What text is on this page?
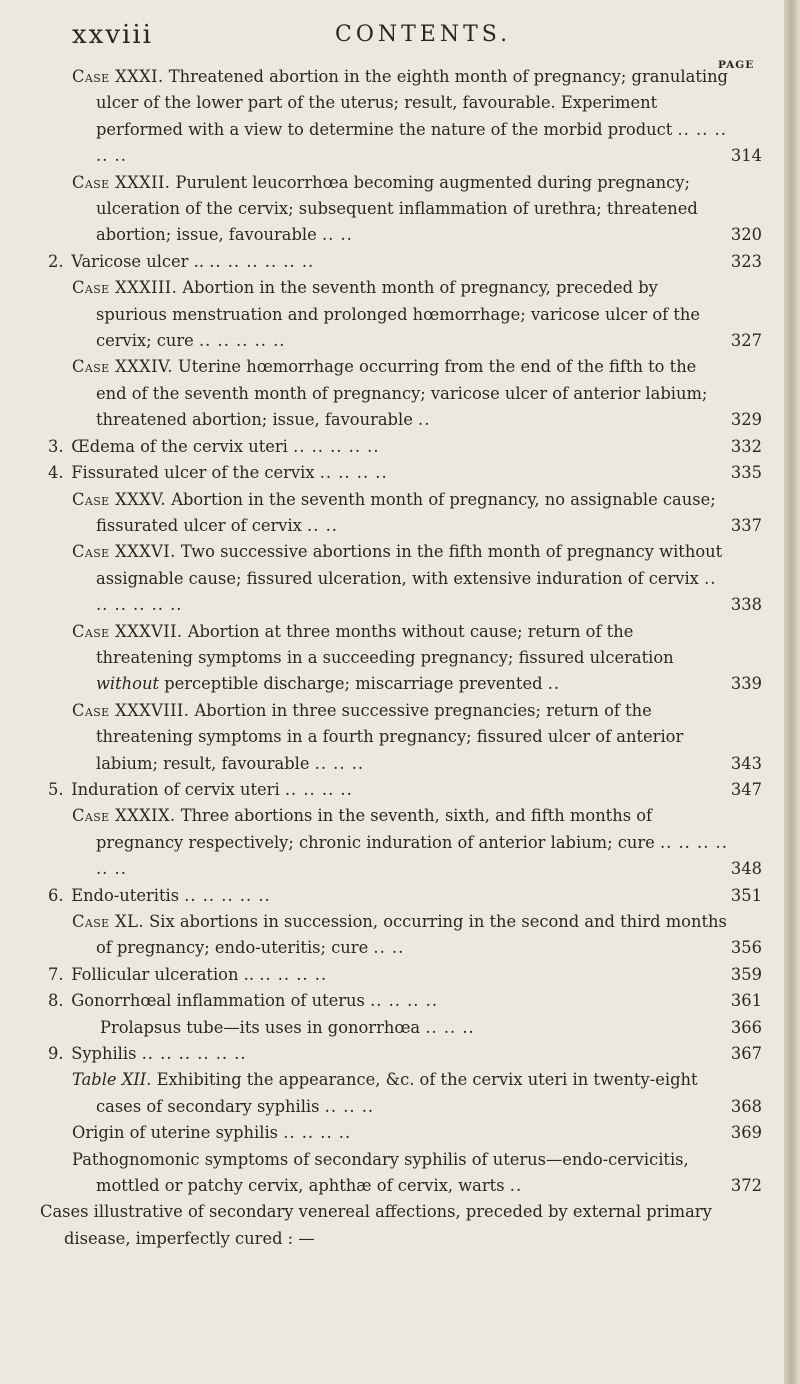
xxviii	CONTENTS.
PAGE
Case XXXI. Threatened abortion in the eighth month of pregnancy; granulating ulcer of the lower part of the uterus; result, favourable. Experiment performed with a view to determine the nature of the morbid product .. .. .. .. ..	314
Case XXXII. Purulent leucorrhœa becoming augmented during pregnancy; ulceration of the cervix; subsequent inflammation of urethra; threatened abortion; issue, favourable .. ..	320
2. Varicose ulcer .. .. .. .. .. .. ..	323
Case XXXIII. Abortion in the seventh month of pregnancy, preceded by spurious menstruation and prolonged hœmorrhage; varicose ulcer of the cervix; cure .. .. .. .. ..	327
Case XXXIV. Uterine hœmorrhage occurring from the end of the fifth to the end of the seventh month of pregnancy; varicose ulcer of anterior labium; threatened abortion; issue, favourable ..	329
3. Œdema of the cervix uteri .. .. .. .. ..	332
4. Fissurated ulcer of the cervix .. .. .. ..	335
Case XXXV. Abortion in the seventh month of pregnancy, no assignable cause; fissurated ulcer of cervix .. ..	337
Case XXXVI. Two successive abortions in the fifth month of pregnancy without assignable cause; fissured ulceration, with extensive induration of cervix .. .. .. .. .. ..	338
Case XXXVII. Abortion at three months without cause; return of the threatening symptoms in a succeeding pregnancy; fissured ulceration without perceptible discharge; miscarriage prevented ..	339
Case XXXVIII. Abortion in three successive pregnancies; return of the threatening symptoms in a fourth pregnancy; fissured ulcer of anterior labium; result, favourable .. .. ..	343
5. Induration of cervix uteri .. .. .. ..	347
Case XXXIX. Three abortions in the seventh, sixth, and fifth months of pregnancy respectively; chronic induration of anterior labium; cure .. .. .. .. .. ..	348
6. Endo-uteritis .. .. .. .. ..	351
Case XL. Six abortions in succession, occurring in the second and third months of pregnancy; endo-uteritis; cure .. ..	356
7. Follicular ulceration .. .. .. .. ..	359
8. Gonorrhœal inflammation of uterus .. .. .. ..	361
Prolapsus tube—its uses in gonorrhœa .. .. ..	366
9. Syphilis .. .. .. .. .. ..	367
Table XII. Exhibiting the appearance, &c. of the cervix uteri in twenty-eight cases of secondary syphilis .. .. ..	368
Origin of uterine syphilis .. .. .. ..	369
Pathognomonic symptoms of secondary syphilis of uterus—endo-cervicitis, mottled or patchy cervix, aphthæ of cervix, warts ..	372
Cases illustrative of secondary venereal affections, preceded by external primary disease, imperfectly cured : —
